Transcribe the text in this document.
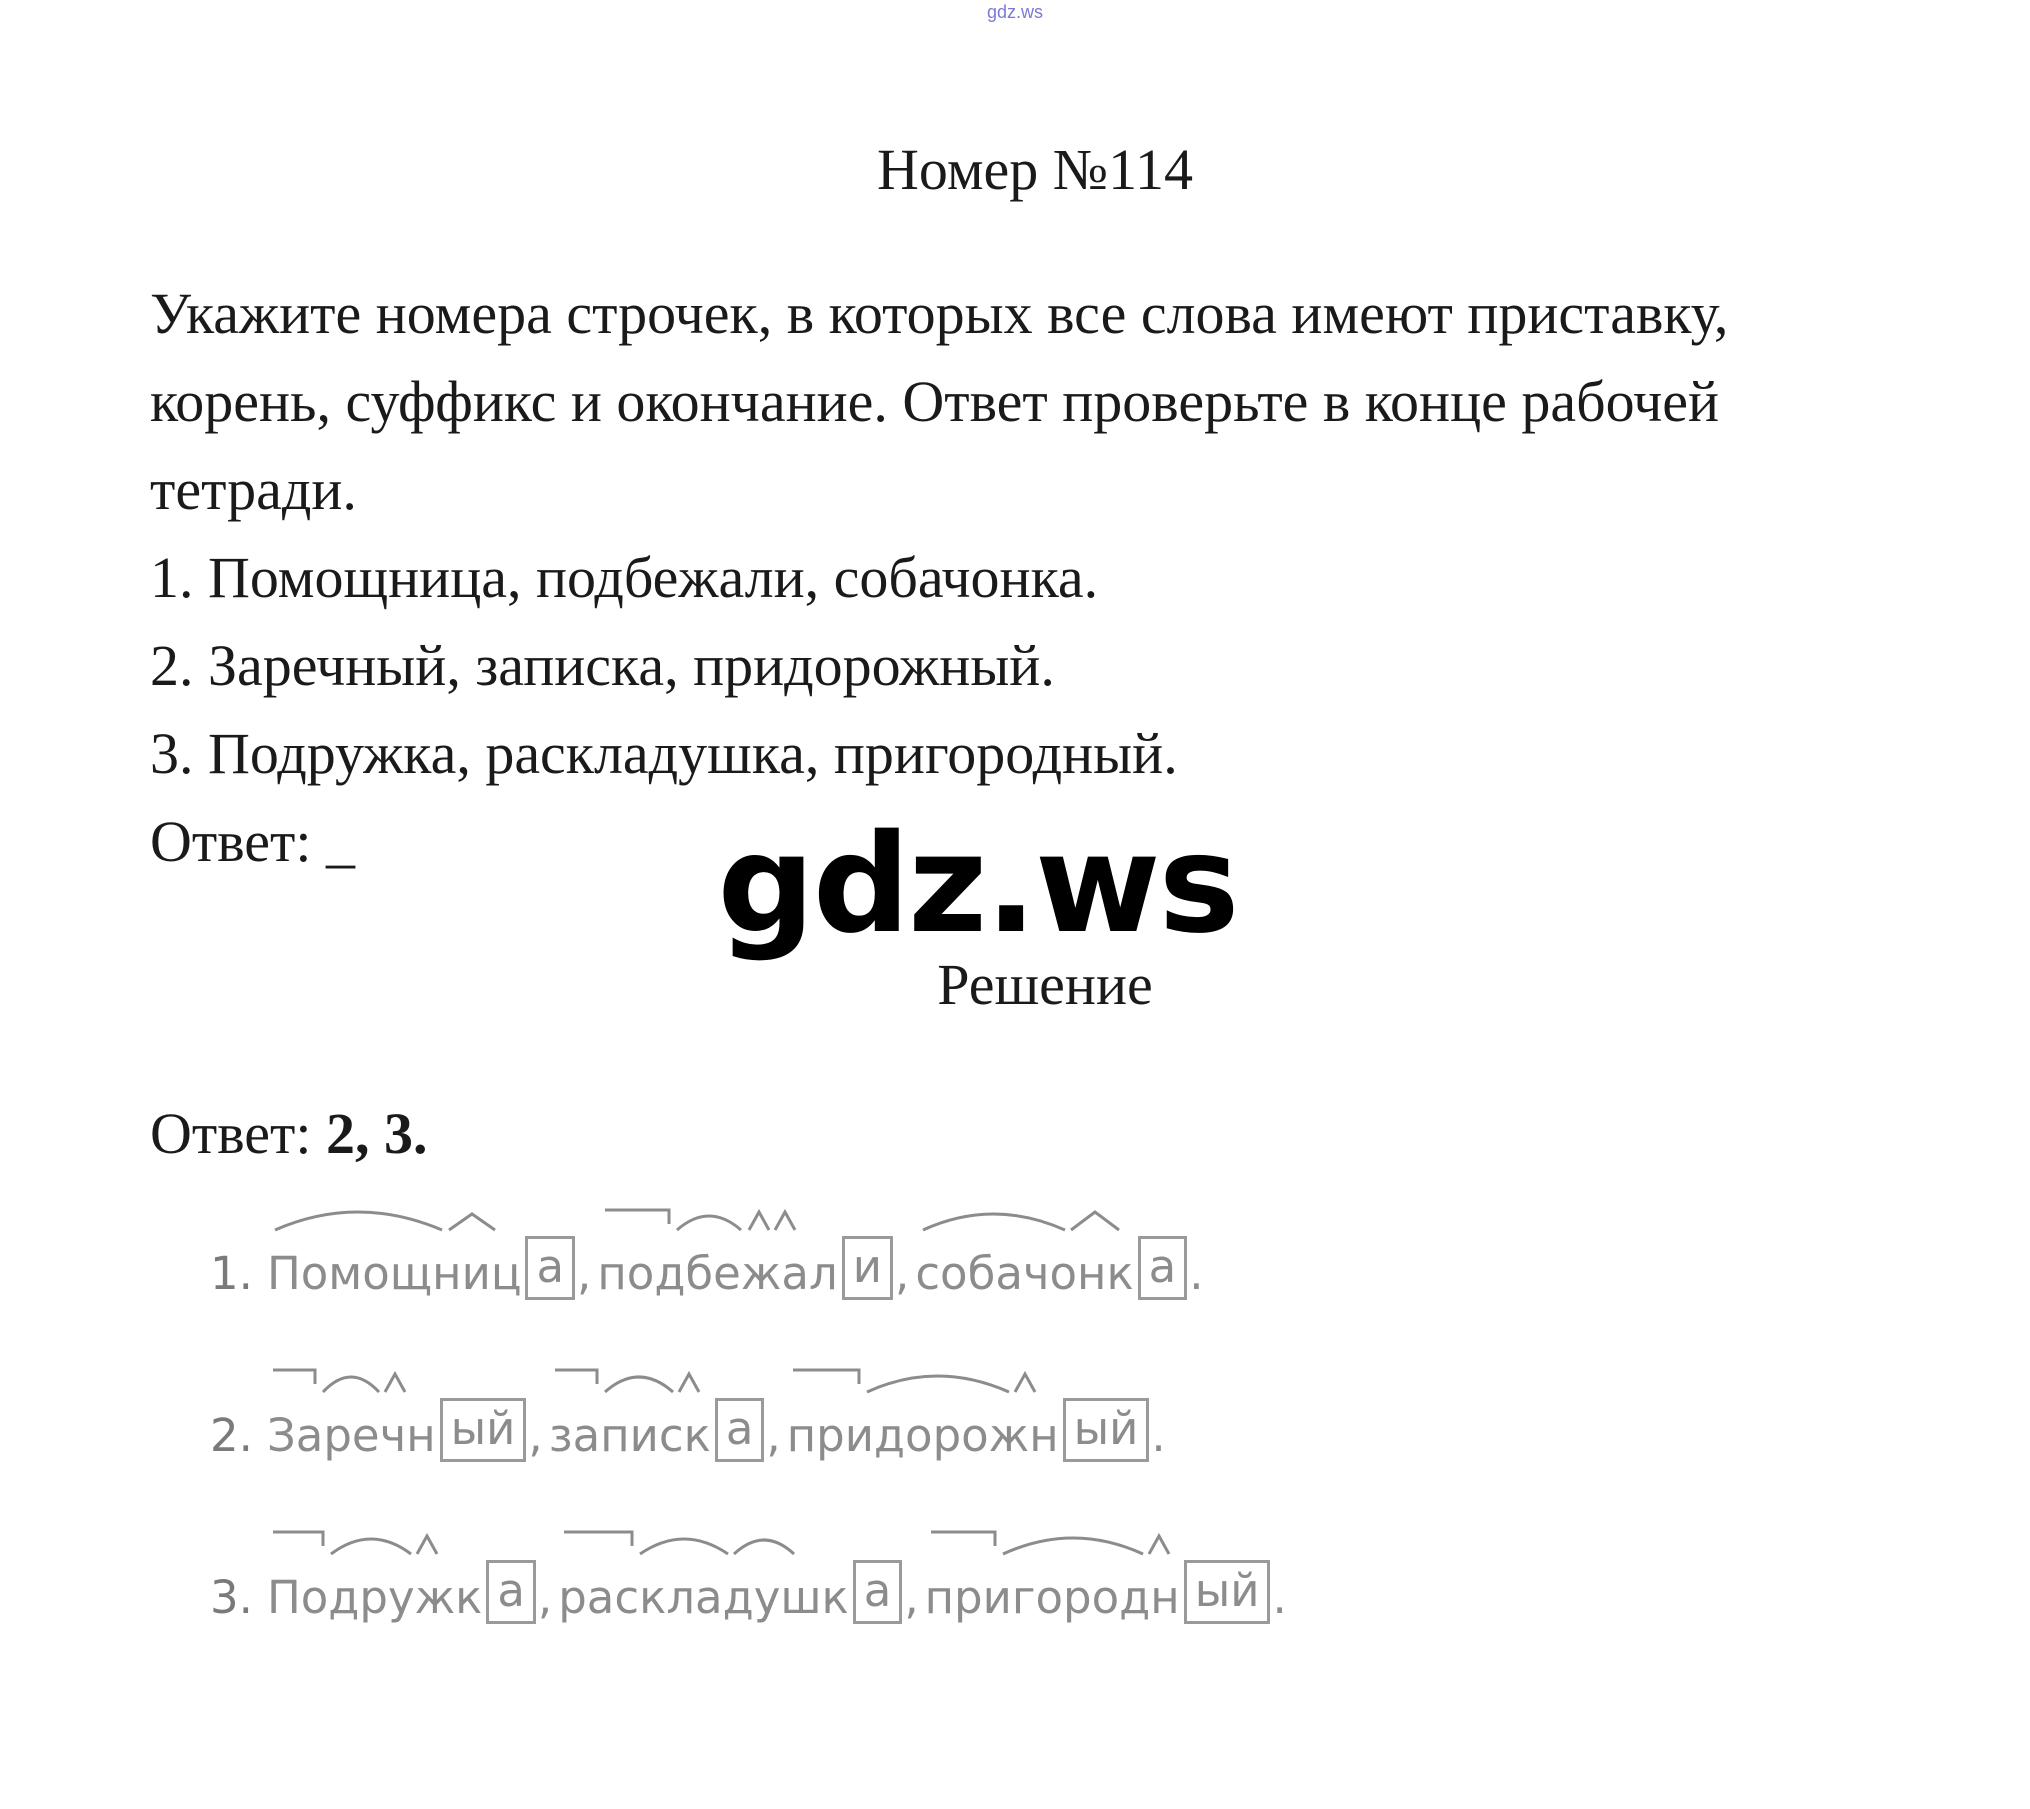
gdz.ws
Номер №114

Укажите номера строчек, в которых все слова имеют приставку,

корень, суффикс и окончание. Ответ проверьте в конце рабочей

тетради.

1. Помощница, подбежали, собачонка.

2. Заречный, записка, придорожный.

3. Подружка, раскладушка, пригородный.

Ответ: _	gdz.ws
Решение
Ответ: 2, 3.
1. Помощниц а , подбежал и , собачонк а .
2. Заречн ый , записк а , придорожн ый .
3. Подружк а , раскладушк а , пригородн ый .
